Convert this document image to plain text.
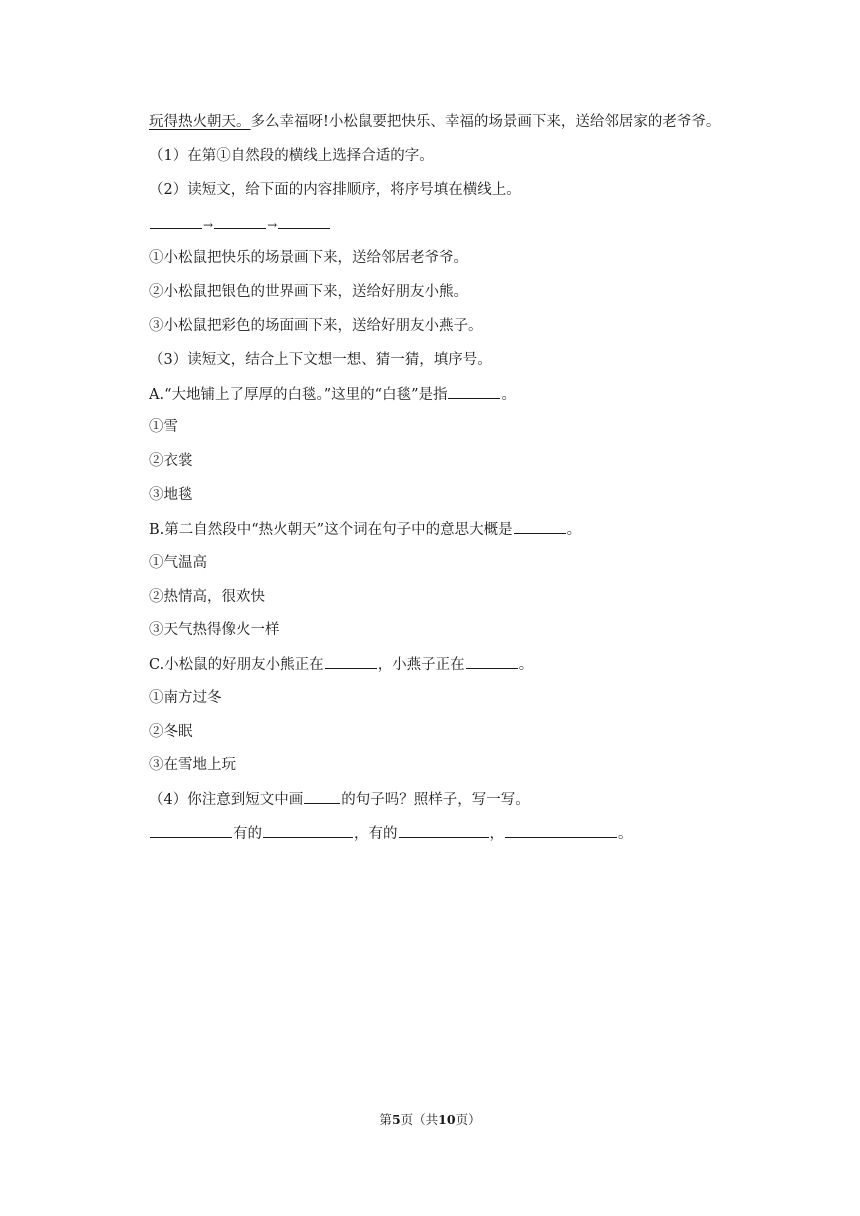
玩得热火朝天。多么幸福呀!小松鼠要把快乐、幸福的场景画下来，送给邻居家的老爷爷。
（1）在第①自然段的横线上选择合适的字。
（2）读短文，给下面的内容排顺序，将序号填在横线上。
→	→
①小松鼠把快乐的场景画下来，送给邻居老爷爷。
②小松鼠把银色的世界画下来，送给好朋友小熊。
③小松鼠把彩色的场面画下来，送给好朋友小燕子。
（3）读短文，结合上下文想一想、猜一猜，填序号。
A.“大地铺上了厚厚的白毯。”这里的“白毯”是指	。
①雪
②衣裳
③地毯
B.第二自然段中“热火朝天”这个词在句子中的意思大概是	。
①气温高
②热情高，很欢快
③天气热得像火一样
C.小松鼠的好朋友小熊正在	，小燕子正在	。
①南方过冬
②冬眠
③在雪地上玩
（4）你注意到短文中画	的句子吗？照样子，写一写。
有的	，有的	，	。
第5页（共10页）
